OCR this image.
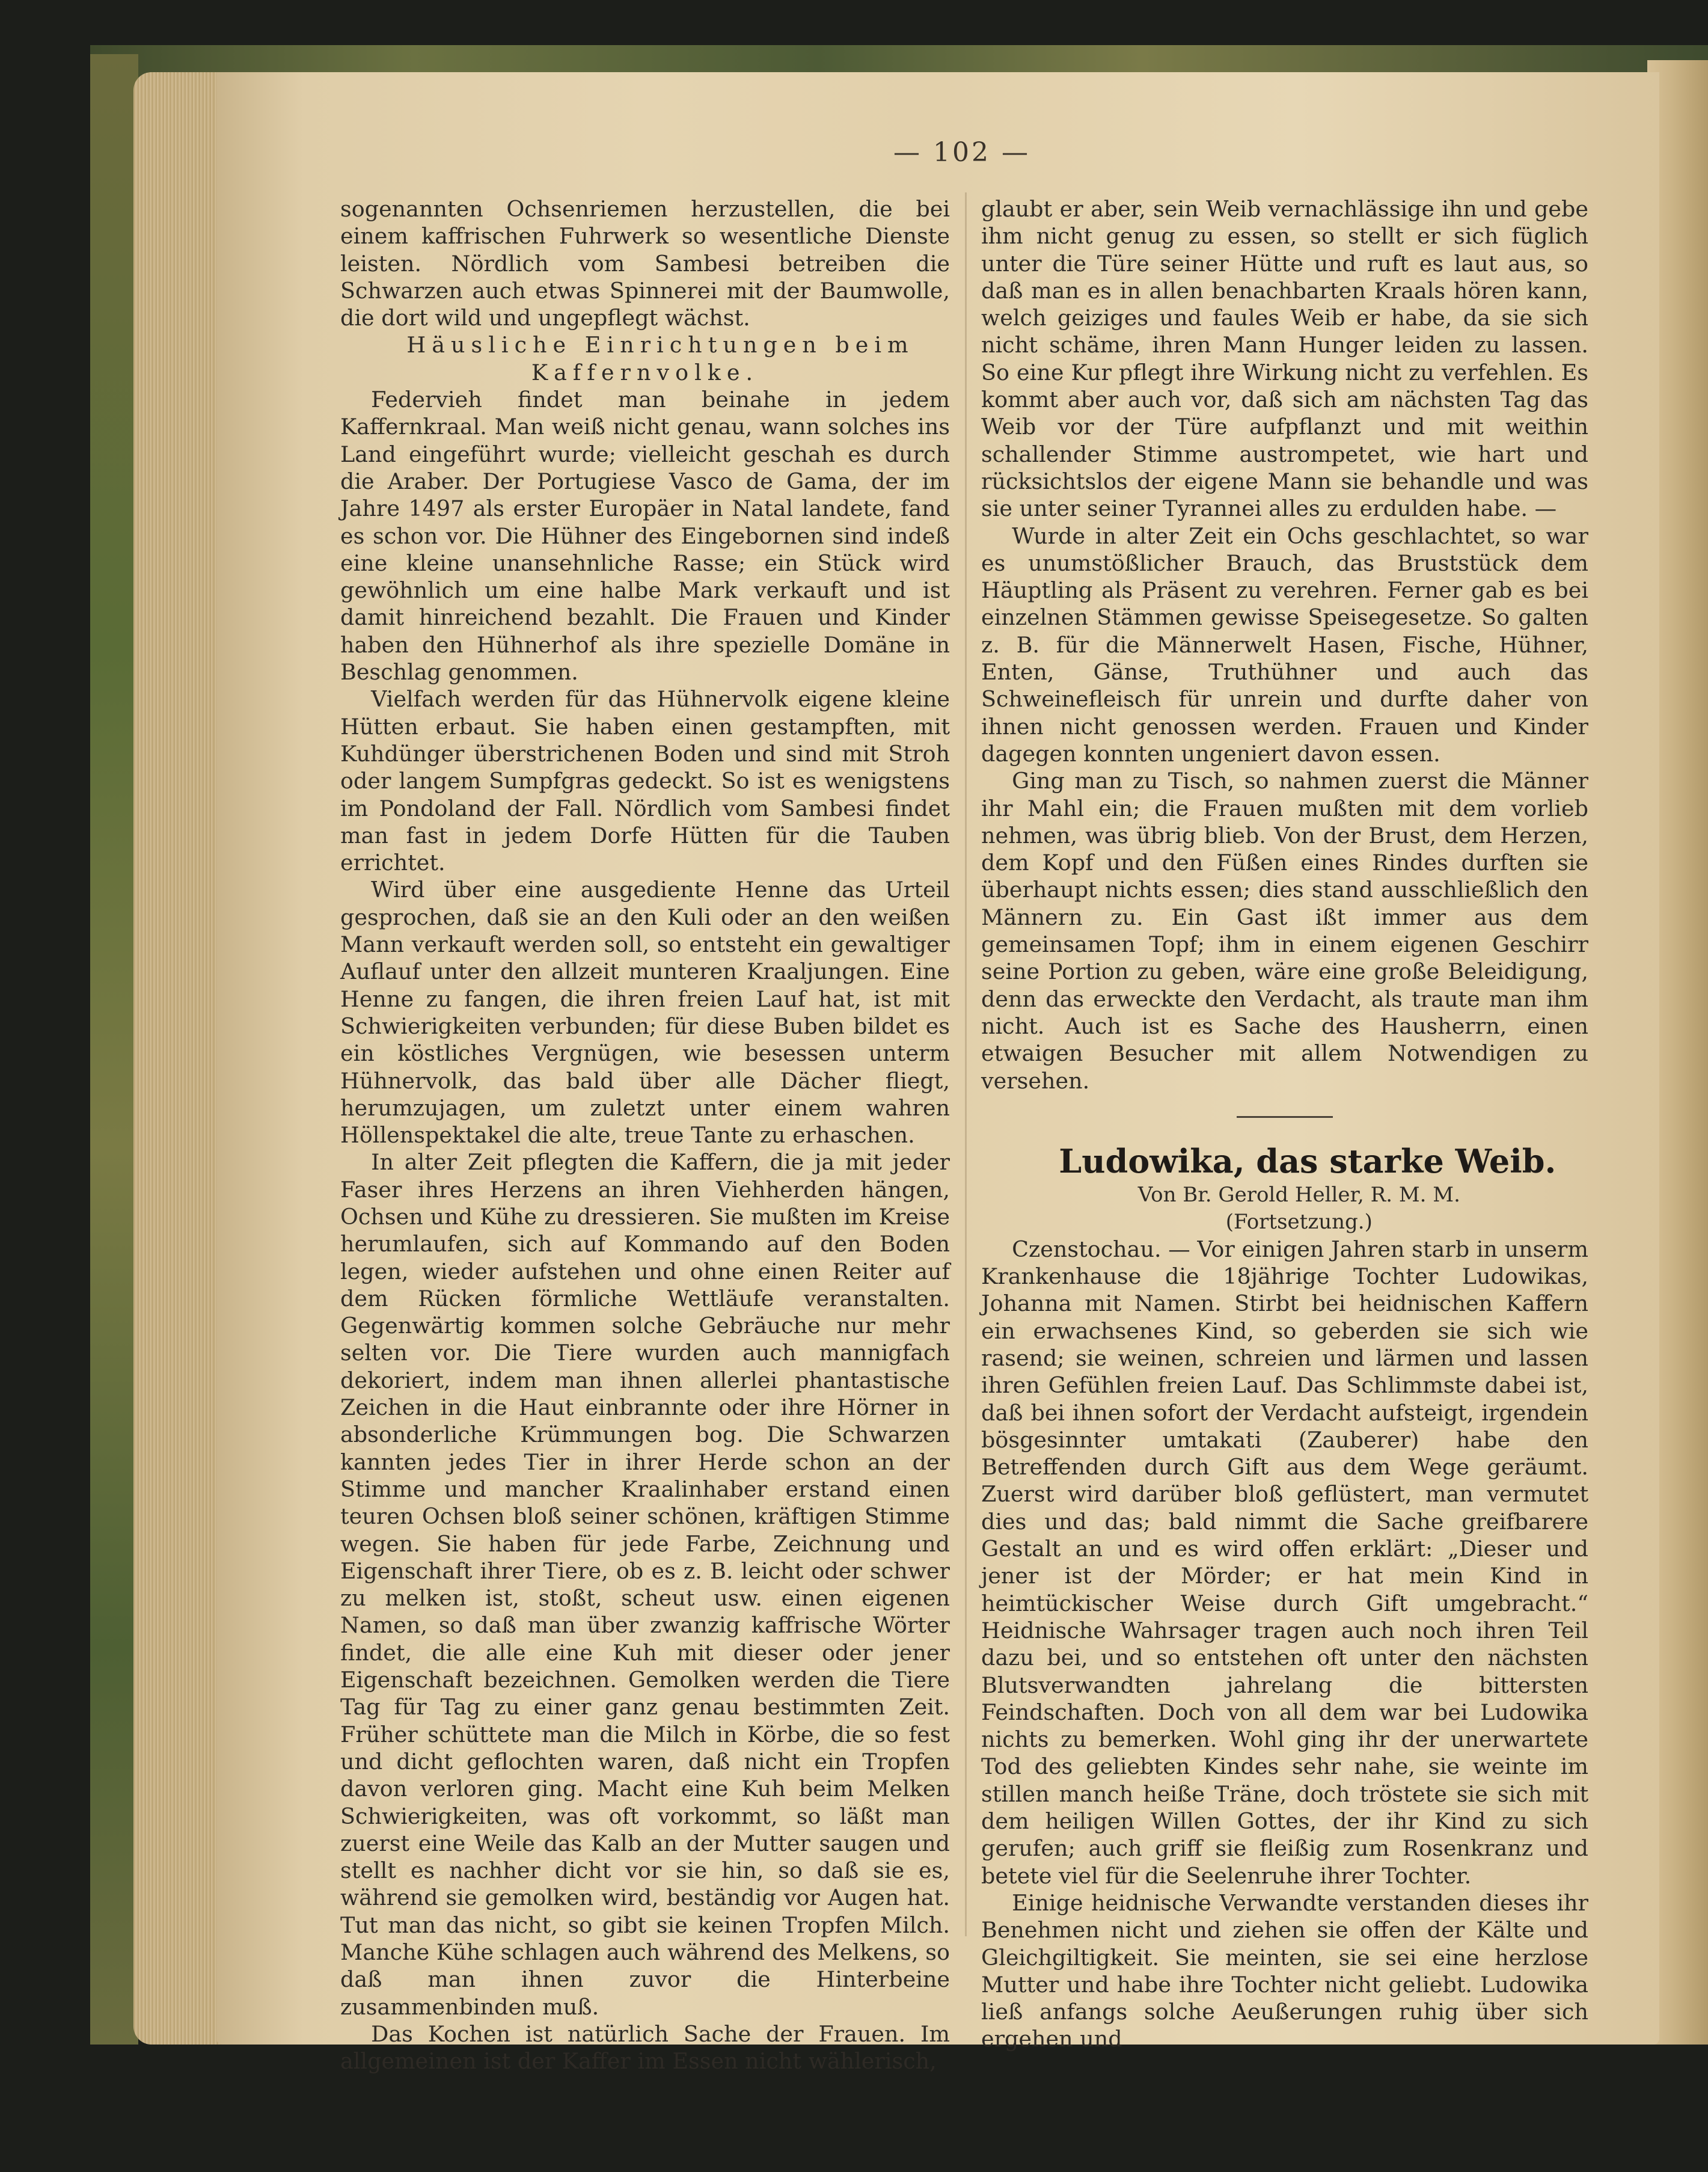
— 102 —

sogenannten Ochsenriemen herzustellen, die bei einem kaffrischen Fuhrwerk so wesentliche Dienste leisten. Nördlich vom Sambesi betreiben die Schwarzen auch etwas Spinnerei mit der Baumwolle, die dort wild und ungepflegt wächst.

Häusliche Einrichtungen beim Kaffernvolke.

Federvieh findet man beinahe in jedem Kaffernkraal. Man weiß nicht genau, wann solches ins Land eingeführt wurde; vielleicht geschah es durch die Araber. Der Portugiese Vasco de Gama, der im Jahre 1497 als erster Europäer in Natal landete, fand es schon vor. Die Hühner des Eingebornen sind indeß eine kleine unansehnliche Rasse; ein Stück wird gewöhnlich um eine halbe Mark verkauft und ist damit hinreichend bezahlt. Die Frauen und Kinder haben den Hühnerhof als ihre spezielle Domäne in Beschlag genommen.

Vielfach werden für das Hühnervolk eigene kleine Hütten erbaut. Sie haben einen gestampften, mit Kuhdünger überstrichenen Boden und sind mit Stroh oder langem Sumpfgras gedeckt. So ist es wenigstens im Pondoland der Fall. Nördlich vom Sambesi findet man fast in jedem Dorfe Hütten für die Tauben errichtet.

Wird über eine ausgediente Henne das Urteil gesprochen, daß sie an den Kuli oder an den weißen Mann verkauft werden soll, so entsteht ein gewaltiger Auflauf unter den allzeit munteren Kraaljungen. Eine Henne zu fangen, die ihren freien Lauf hat, ist mit Schwierigkeiten verbunden; für diese Buben bildet es ein köstliches Vergnügen, wie besessen unterm Hühnervolk, das bald über alle Dächer fliegt, herumzujagen, um zuletzt unter einem wahren Höllenspektakel die alte, treue Tante zu erhaschen.

In alter Zeit pflegten die Kaffern, die ja mit jeder Faser ihres Herzens an ihren Viehherden hängen, Ochsen und Kühe zu dressieren. Sie mußten im Kreise herumlaufen, sich auf Kommando auf den Boden legen, wieder aufstehen und ohne einen Reiter auf dem Rücken förmliche Wettläufe veranstalten. Gegenwärtig kommen solche Gebräuche nur mehr selten vor. Die Tiere wurden auch mannigfach dekoriert, indem man ihnen allerlei phantastische Zeichen in die Haut einbrannte oder ihre Hörner in absonderliche Krümmungen bog. Die Schwarzen kannten jedes Tier in ihrer Herde schon an der Stimme und mancher Kraalinhaber erstand einen teuren Ochsen bloß seiner schönen, kräftigen Stimme wegen. Sie haben für jede Farbe, Zeichnung und Eigenschaft ihrer Tiere, ob es z. B. leicht oder schwer zu melken ist, stoßt, scheut usw. einen eigenen Namen, so daß man über zwanzig kaffrische Wörter findet, die alle eine Kuh mit dieser oder jener Eigenschaft bezeichnen. Gemolken werden die Tiere Tag für Tag zu einer ganz genau bestimmten Zeit. Früher schüttete man die Milch in Körbe, die so fest und dicht geflochten waren, daß nicht ein Tropfen davon verloren ging. Macht eine Kuh beim Melken Schwierigkeiten, was oft vorkommt, so läßt man zuerst eine Weile das Kalb an der Mutter saugen und stellt es nachher dicht vor sie hin, so daß sie es, während sie gemolken wird, beständig vor Augen hat. Tut man das nicht, so gibt sie keinen Tropfen Milch. Manche Kühe schlagen auch während des Melkens, so daß man ihnen zuvor die Hinterbeine zusammenbinden muß.

Das Kochen ist natürlich Sache der Frauen. Im allgemeinen ist der Kaffer im Essen nicht wählerisch,

glaubt er aber, sein Weib vernachlässige ihn und gebe ihm nicht genug zu essen, so stellt er sich füglich unter die Türe seiner Hütte und ruft es laut aus, so daß man es in allen benachbarten Kraals hören kann, welch geiziges und faules Weib er habe, da sie sich nicht schäme, ihren Mann Hunger leiden zu lassen. So eine Kur pflegt ihre Wirkung nicht zu verfehlen. Es kommt aber auch vor, daß sich am nächsten Tag das Weib vor der Türe aufpflanzt und mit weithin schallender Stimme austrompetet, wie hart und rücksichtslos der eigene Mann sie behandle und was sie unter seiner Tyrannei alles zu erdulden habe. —

Wurde in alter Zeit ein Ochs geschlachtet, so war es unumstößlicher Brauch, das Bruststück dem Häuptling als Präsent zu verehren. Ferner gab es bei einzelnen Stämmen gewisse Speisegesetze. So galten z. B. für die Männerwelt Hasen, Fische, Hühner, Enten, Gänse, Truthühner und auch das Schweinefleisch für unrein und durfte daher von ihnen nicht genossen werden. Frauen und Kinder dagegen konnten ungeniert davon essen.

Ging man zu Tisch, so nahmen zuerst die Männer ihr Mahl ein; die Frauen mußten mit dem vorlieb nehmen, was übrig blieb. Von der Brust, dem Herzen, dem Kopf und den Füßen eines Rindes durften sie überhaupt nichts essen; dies stand ausschließlich den Männern zu. Ein Gast ißt immer aus dem gemeinsamen Topf; ihm in einem eigenen Geschirr seine Portion zu geben, wäre eine große Beleidigung, denn das erweckte den Verdacht, als traute man ihm nicht. Auch ist es Sache des Hausherrn, einen etwaigen Besucher mit allem Notwendigen zu versehen.

Ludowika, das starke Weib.

Von Br. Gerold Heller, R. M. M.

(Fortsetzung.)

Czenstochau. — Vor einigen Jahren starb in unserm Krankenhause die 18jährige Tochter Ludowikas, Johanna mit Namen. Stirbt bei heidnischen Kaffern ein erwachsenes Kind, so geberden sie sich wie rasend; sie weinen, schreien und lärmen und lassen ihren Gefühlen freien Lauf. Das Schlimmste dabei ist, daß bei ihnen sofort der Verdacht aufsteigt, irgendein bösgesinnter umtakati (Zauberer) habe den Betreffenden durch Gift aus dem Wege geräumt. Zuerst wird darüber bloß geflüstert, man vermutet dies und das; bald nimmt die Sache greifbarere Gestalt an und es wird offen erklärt: „Dieser und jener ist der Mörder; er hat mein Kind in heimtückischer Weise durch Gift umgebracht.“ Heidnische Wahrsager tragen auch noch ihren Teil dazu bei, und so entstehen oft unter den nächsten Blutsverwandten jahrelang die bittersten Feindschaften. Doch von all dem war bei Ludowika nichts zu bemerken. Wohl ging ihr der unerwartete Tod des geliebten Kindes sehr nahe, sie weinte im stillen manch heiße Träne, doch tröstete sie sich mit dem heiligen Willen Gottes, der ihr Kind zu sich gerufen; auch griff sie fleißig zum Rosenkranz und betete viel für die Seelenruhe ihrer Tochter.

Einige heidnische Verwandte verstanden dieses ihr Benehmen nicht und ziehen sie offen der Kälte und Gleichgiltigkeit. Sie meinten, sie sei eine herzlose Mutter und habe ihre Tochter nicht geliebt. Ludowika ließ anfangs solche Aeußerungen ruhig über sich ergehen und
